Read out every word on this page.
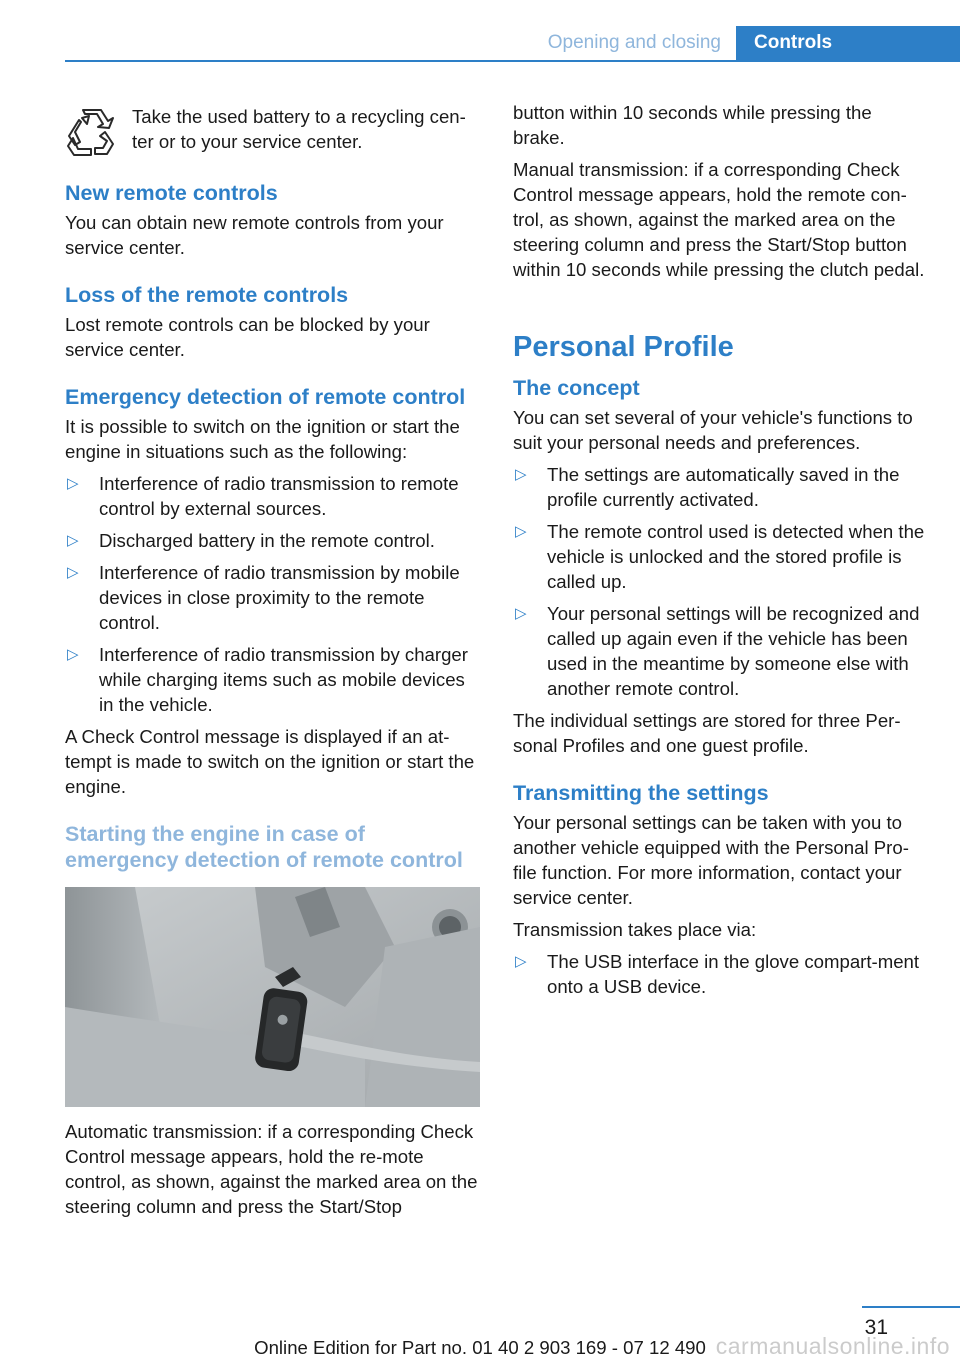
Opening and closing	Controls
Take the used battery to a recycling cen‐ter or to your service center.
New remote controls

You can obtain new remote controls from your service center.

Loss of the remote controls

Lost remote controls can be blocked by your service center.

Emergency detection of remote control

It is possible to switch on the ignition or start the engine in situations such as the following:

▷ Interference of radio transmission to remote control by external sources.
▷ Discharged battery in the remote control.
▷ Interference of radio transmission by mobile devices in close proximity to the remote control.
▷ Interference of radio transmission by charger while charging items such as mobile devices in the vehicle.

A Check Control message is displayed if an at‐tempt is made to switch on the ignition or start the engine.

Starting the engine in case of emergency detection of remote control

Automatic transmission: if a corresponding Check Control message appears, hold the re‐mote control, as shown, against the marked area on the steering column and press the Start/Stop

button within 10 seconds while pressing the brake.

Manual transmission: if a corresponding Check Control message appears, hold the remote con‐trol, as shown, against the marked area on the steering column and press the Start/Stop button within 10 seconds while pressing the clutch pedal.

Personal Profile
The concept

You can set several of your vehicle's functions to suit your personal needs and preferences.

▷ The settings are automatically saved in the profile currently activated.
▷ The remote control used is detected when the vehicle is unlocked and the stored profile is called up.
▷ Your personal settings will be recognized and called up again even if the vehicle has been used in the meantime by someone else with another remote control.

The individual settings are stored for three Per‐sonal Profiles and one guest profile.

Transmitting the settings

Your personal settings can be taken with you to another vehicle equipped with the Personal Pro‐file function. For more information, contact your service center.

Transmission takes place via:

▷ The USB interface in the glove compart‐ment onto a USB device.
31
Online Edition for Part no. 01 40 2 903 169 - 07 12 490 carmanualsonline.info
